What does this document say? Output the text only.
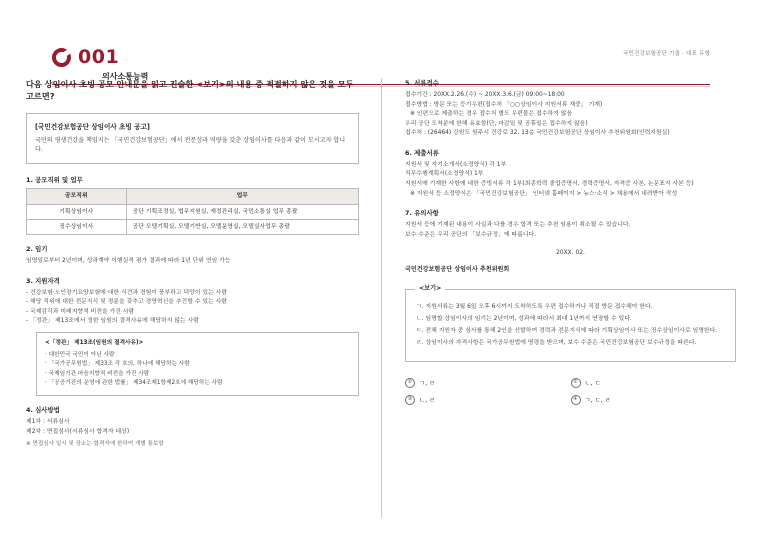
001
의사소통능력
국민건강보험공단 기출 · 대표 유형
다음 상임이사 초빙 공모 안내문을 읽고 진술한 <보기>의 내용 중 적절하지 않은 것을 모두 고르면?
[국민건강보험공단 상임이사 초빙 공고]
국민의 평생건강을 책임지는 「국민건강보험공단」에서 전문성과 역량을 갖춘 상임이사를 다음과 같이 모시고자 합니다.
1. 공모직위 및 업무
공모직위	업무
기획상임이사	공단 기획조정실, 법무지원실, 재정관리실, 국민소통실 업무 총괄
징수상임이사	공단 모델기획실, 모델기반실, 모델운영실, 모델실사업무 총괄
2. 임기
임명일로부터 2년이며, 성과계약 이행실적 평가 결과에 따라 1년 단위 연임 가능
3. 지원자격
- 건강보험·노인장기요양보험에 대한 식견과 경험이 풍부하고 덕망이 있는 사람
- 해당 직위에 대한 전문지식 및 경륜을 갖추고 경영혁신을 추진할 수 있는 사람
- 국제감각과 미래지향적 비전을 가진 사람
- 「정관」 제13조에서 정한 임원의 결격사유에 해당하지 않는 사람
<「정관」 제13조(임원의 결격사유)>
· 대한민국 국민이 아닌 사람
· 「국가공무원법」 제33조 각 호의, 하나에 해당하는 사람
· 국제임기관 마음지향적 비전을 가진 사람
· 「공공기관의 운영에 관한 법률」 제34조제1항제2호에 해당하는 사람
4. 심사방법
제1차 : 서류심사
제2차 : 면접심사(서류심사 합격자 대상)
※ 면접심사 일시 및 장소는 합격자에 한하여 개별 통보함
5. 서류접수
접수기간 : 20XX.2.26.(수) ~ 20XX.3.6.(금) 09:00~18:00
접수방법 : 방문 또는 등기우편(접수처 「○○상임이사 지원서류 재중」 기재)
※ 인편으로 제출하는 경우 접수처 별도 우편물은 접수하지 않음
우리 공단 도착분에 한해 유효함(단, 마감일 및 공휴일은 접수하지 않음)
접수처 : (26464) 강원도 원주시 건강로 32, 13층 국민건강보험공단 상임이사 추천위원회(인력지원실)
6. 제출서류
지원서 및 자기소개서(소정양식) 각 1부
직무수행계획서(소정양식) 1부
지원서에 기재한 사항에 대한 증빙서류 각 1부(최종학력 졸업증명서, 경력증명서, 자격증 사본, 논문표지 사본 등)
※ 지원서 등 소정양식은 「국민건강보험공단」 인터넷 홈페이지 > 뉴스·소식 > 채용에서 내려받아 작성
7. 유의사항
지원서 등에 기재된 내용이 사실과 다를 경우 합격 또는 추천 임용이 취소될 수 있습니다.
보수 수준은 우리 공단의 「보수규정」에 따릅니다.
20XX. 02.
국민건강보험공단 상임이사 추천위원회
<보기>
ㄱ. 지원서류는 3월 6일 오후 6시까지 도착하도록 우편 접수하거나 직접 방문 접수해야 한다.
ㄴ. 임명할 상임이사의 임기는 2년이며, 성과에 따라서 최대 1년까지 연장할 수 있다.
ㄷ. 전체 지원자 중 심사를 통해 2인을 선발하여 경력과 전문지식에 따라 기획상임이사 또는 징수상임이사로 임명한다.
ㄹ. 상임이사의 자격사항은 국가공무원법에 명령을 받으며, 보수 수준은 국민건강보험공단 보수규정을 따른다.
①	ㄱ, ㄹ	②	ㄴ, ㄷ
③	ㄴ, ㄹ	④	ㄱ, ㄷ, ㄹ
